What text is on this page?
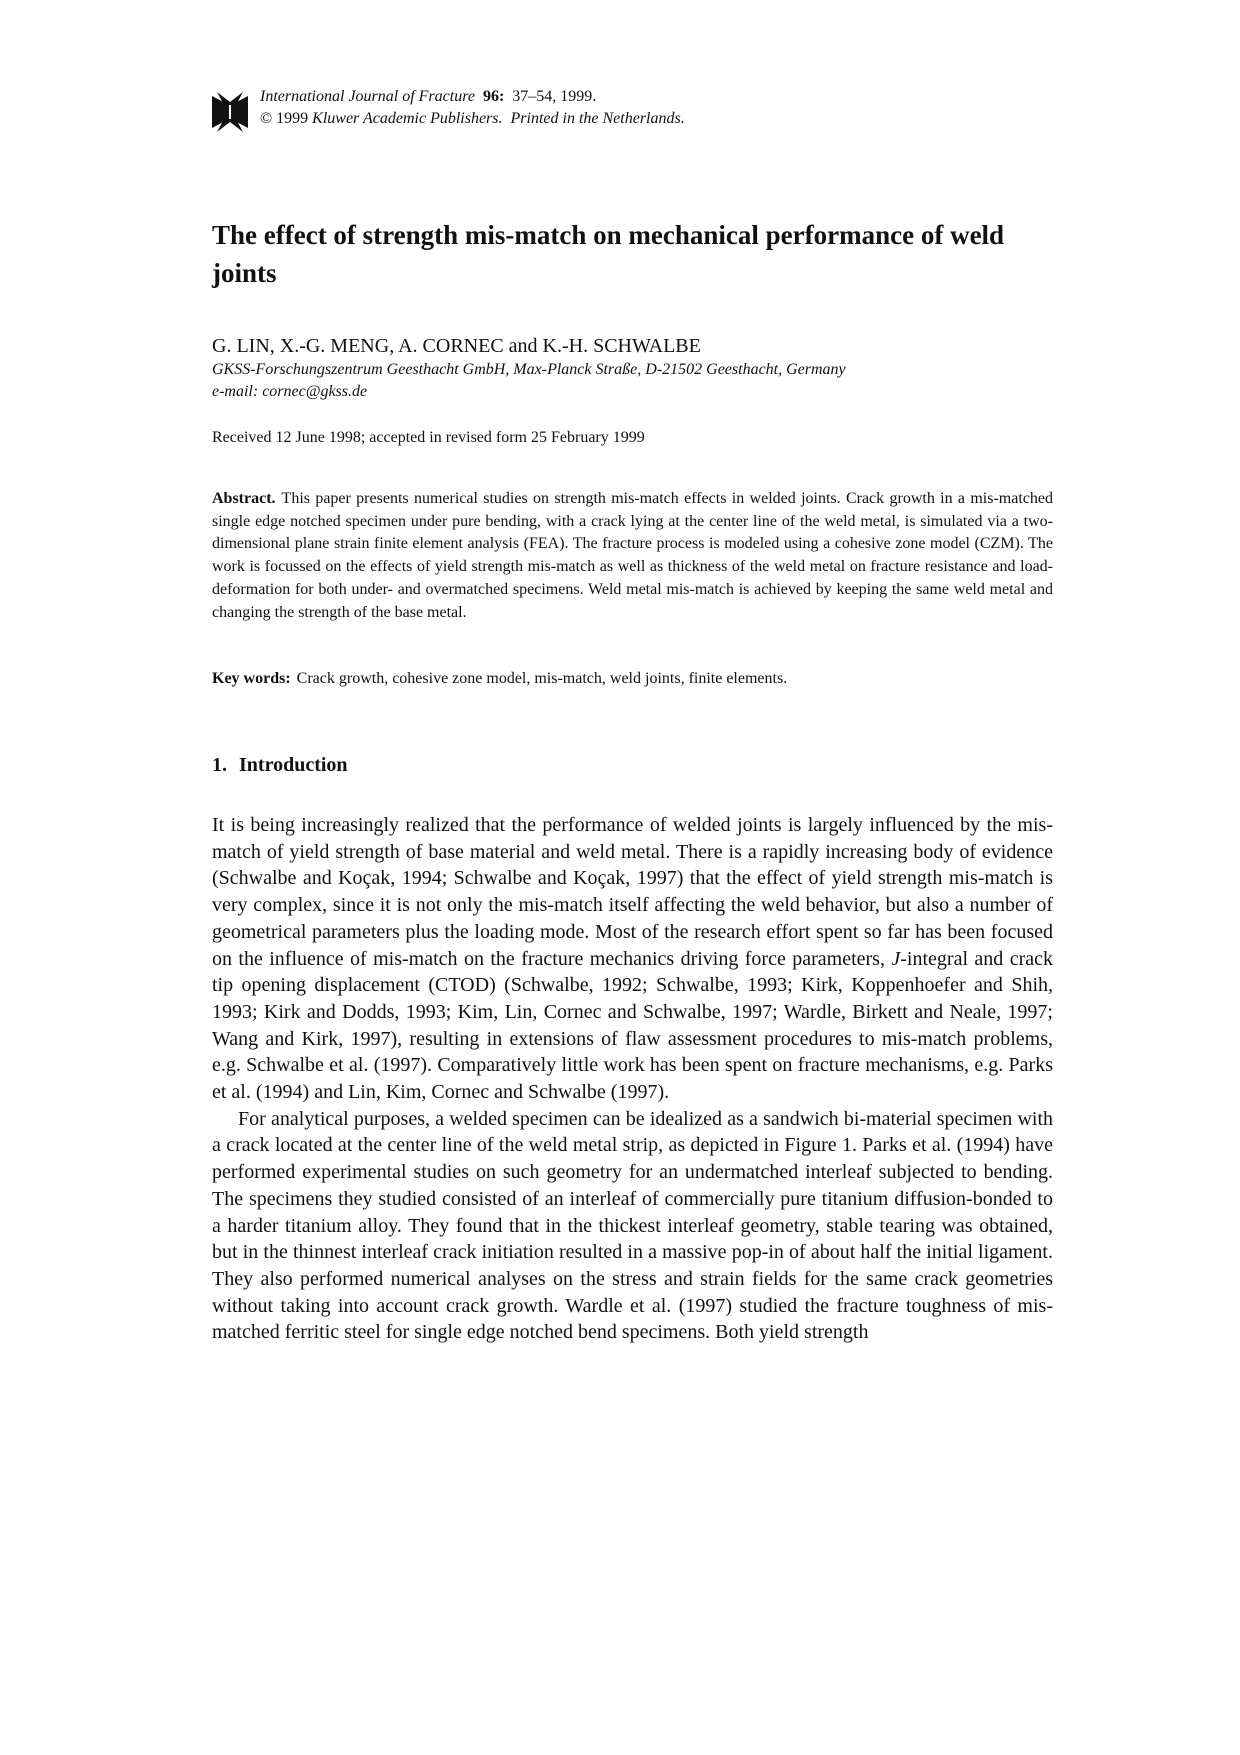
International Journal of Fracture 96: 37–54, 1999.
© 1999 Kluwer Academic Publishers. Printed in the Netherlands.
The effect of strength mis-match on mechanical performance of weld joints
G. LIN, X.-G. MENG, A. CORNEC and K.-H. SCHWALBE
GKSS-Forschungszentrum Geesthacht GmbH, Max-Planck Straße, D-21502 Geesthacht, Germany
e-mail: cornec@gkss.de
Received 12 June 1998; accepted in revised form 25 February 1999

Abstract. This paper presents numerical studies on strength mis-match effects in welded joints. Crack growth in a mis-matched single edge notched specimen under pure bending, with a crack lying at the center line of the weld metal, is simulated via a two-dimensional plane strain finite element analysis (FEA). The fracture process is modeled using a cohesive zone model (CZM). The work is focussed on the effects of yield strength mis-match as well as thickness of the weld metal on fracture resistance and load-deformation for both under- and overmatched specimens. Weld metal mis-match is achieved by keeping the same weld metal and changing the strength of the base metal.

Key words: Crack growth, cohesive zone model, mis-match, weld joints, finite elements.
1. Introduction

It is being increasingly realized that the performance of welded joints is largely influenced by the mis-match of yield strength of base material and weld metal. There is a rapidly increasing body of evidence (Schwalbe and Koçak, 1994; Schwalbe and Koçak, 1997) that the effect of yield strength mis-match is very complex, since it is not only the mis-match itself affecting the weld behavior, but also a number of geometrical parameters plus the loading mode. Most of the research effort spent so far has been focused on the influence of mis-match on the fracture mechanics driving force parameters, J-integral and crack tip opening displacement (CTOD) (Schwalbe, 1992; Schwalbe, 1993; Kirk, Koppenhoefer and Shih, 1993; Kirk and Dodds, 1993; Kim, Lin, Cornec and Schwalbe, 1997; Wardle, Birkett and Neale, 1997; Wang and Kirk, 1997), resulting in extensions of flaw assessment procedures to mis-match problems, e.g. Schwalbe et al. (1997). Comparatively little work has been spent on fracture mechanisms, e.g. Parks et al. (1994) and Lin, Kim, Cornec and Schwalbe (1997).

For analytical purposes, a welded specimen can be idealized as a sandwich bi-material specimen with a crack located at the center line of the weld metal strip, as depicted in Figure 1. Parks et al. (1994) have performed experimental studies on such geometry for an undermatched interleaf subjected to bending. The specimens they studied consisted of an interleaf of commercially pure titanium diffusion-bonded to a harder titanium alloy. They found that in the thickest interleaf geometry, stable tearing was obtained, but in the thinnest interleaf crack initiation resulted in a massive pop-in of about half the initial ligament. They also performed numerical analyses on the stress and strain fields for the same crack geometries without taking into account crack growth. Wardle et al. (1997) studied the fracture toughness of mis-matched ferritic steel for single edge notched bend specimens. Both yield strength
